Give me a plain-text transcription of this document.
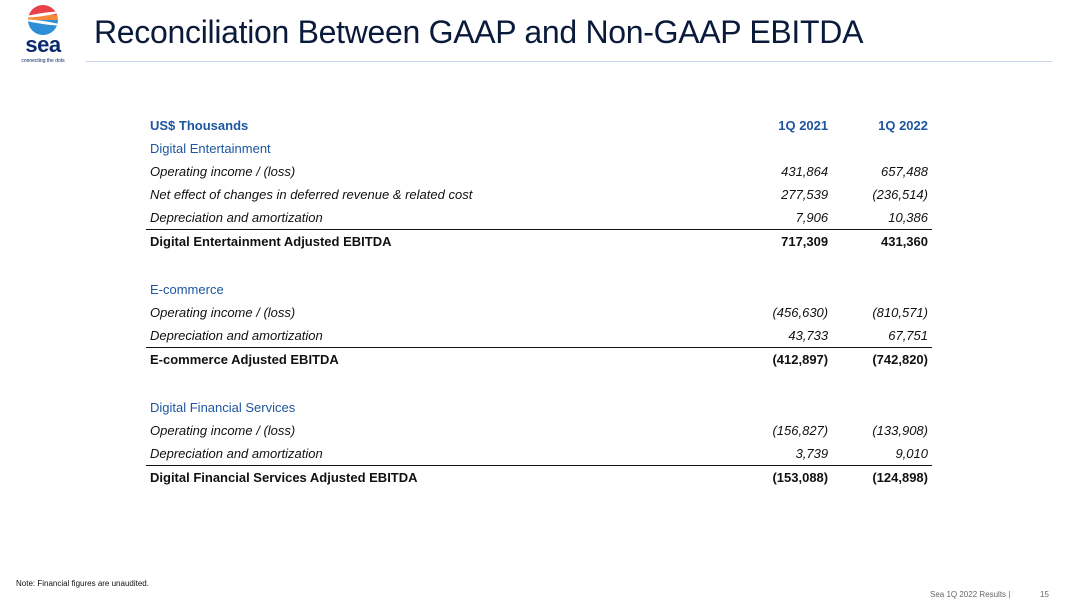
sea
connecting the dots
Reconciliation Between GAAP and Non-GAAP EBITDA
US$ Thousands	1Q 2021	1Q 2022
Digital Entertainment		
Operating income / (loss)	431,864	657,488
Net effect of changes in deferred revenue & related cost	277,539	(236,514)
Depreciation and amortization	7,906	10,386
Digital Entertainment Adjusted EBITDA	717,309	431,360

E-commerce		
Operating income / (loss)	(456,630)	(810,571)
Depreciation and amortization	43,733	67,751
E-commerce Adjusted EBITDA	(412,897)	(742,820)

Digital Financial Services		
Operating income / (loss)	(156,827)	(133,908)
Depreciation and amortization	3,739	9,010
Digital Financial Services Adjusted EBITDA	(153,088)	(124,898)
Note: Financial figures are unaudited.
Sea 1Q 2022 Results |	15
